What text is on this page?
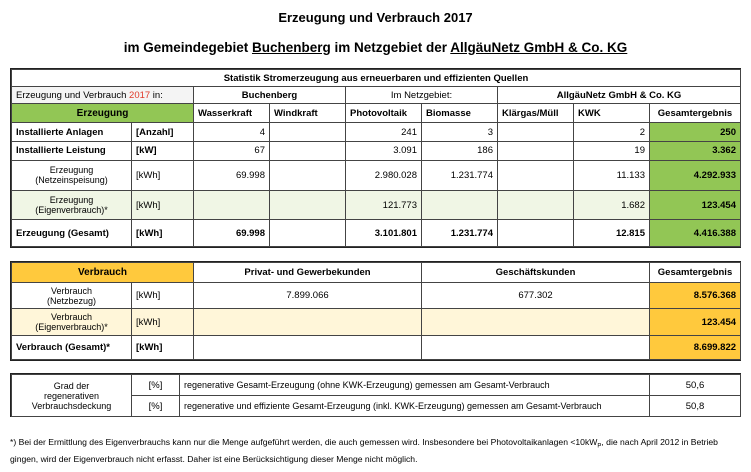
Erzeugung und Verbrauch 2017
im Gemeindegebiet Buchenberg im Netzgebiet der AllgäuNetz GmbH & Co. KG
Statistik Stromerzeugung aus erneuerbaren und effizienten Quellen								
Erzeugung und Verbrauch 2017 in:		Buchenberg		Im Netzgebiet:		AllgäuNetz GmbH & Co. KG		
Erzeugung		Wasserkraft	Windkraft	Photovoltaik	Biomasse	Klärgas/Müll	KWK	Gesamtergebnis
Installierte Anlagen	[Anzahl]	4		241	3		2	250
Installierte Leistung	[kW]	67		3.091	186		19	3.362
Erzeugung
(Netzeinspeisung)	[kWh]	69.998		2.980.028	1.231.774		11.133	4.292.933
Erzeugung
(Eigenverbrauch)*	[kWh]			121.773			1.682	123.454
Erzeugung (Gesamt)	[kWh]	69.998		3.101.801	1.231.774		12.815	4.416.388
Verbrauch		Privat- und Gewerbekunden	Geschäftskunden	Gesamtergebnis
Verbrauch
(Netzbezug)	[kWh]	7.899.066	677.302	8.576.368
Verbrauch
(Eigenverbrauch)*	[kWh]			123.454
Verbrauch (Gesamt)*	[kWh]			8.699.822
Grad der
regenerativen
Verbrauchsdeckung	[%]	regenerative Gesamt-Erzeugung (ohne KWK-Erzeugung) gemessen am Gesamt-Verbrauch	50,6
	[%]	regenerative und effiziente Gesamt-Erzeugung (inkl. KWK-Erzeugung) gemessen am Gesamt-Verbrauch	50,8
*) Bei der Ermittlung des Eigenverbrauchs kann nur die Menge aufgeführt werden, die auch gemessen wird. Insbesondere bei Photovoltaikanlagen $<10kW_P$, die nach April 2012 in Betrieb gingen, wird der Eigenverbrauch nicht erfasst. Daher ist eine Berücksichtigung dieser Menge nicht möglich.
